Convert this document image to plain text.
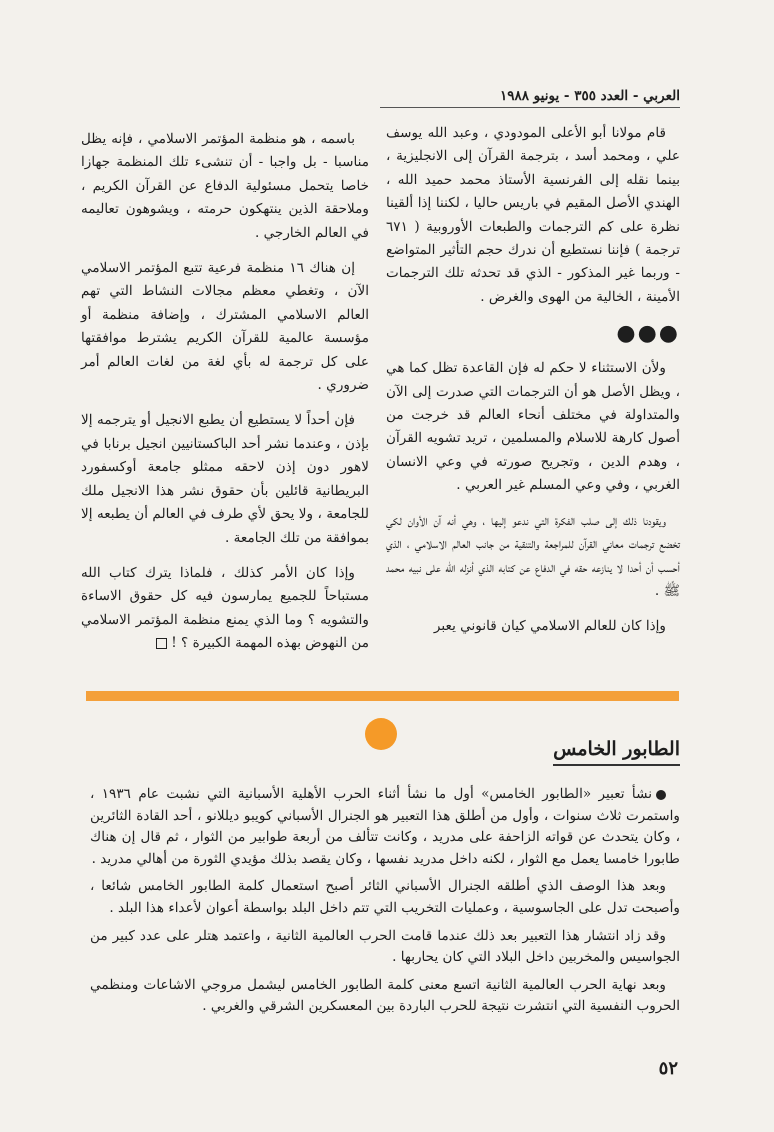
العربي - العدد ٣٥٥ - يونيو ١٩٨٨

قام مولانا أبو الأعلى المودودي ، وعبد الله يوسف علي ، ومحمد أسد ، بترجمة القرآن إلى الانجليزية ، بينما نقله إلى الفرنسية الأستاذ محمد حميد الله ، الهندي الأصل المقيم في باريس حاليا ، لكننا إذا ألقينا نظرة على كم الترجمات والطبعات الأوروبية ( ٦٧١ ترجمة ) فإننا نستطيع أن ندرك حجم التأثير المتواضع - وربما غير المذكور - الذي قد تحدثه تلك الترجمات الأمينة ، الخالية من الهوى والغرض .

●●●

ولأن الاستثناء لا حكم له فإن القاعدة تظل كما هي ، ويظل الأصل هو أن الترجمات التي صدرت إلى الآن والمتداولة في مختلف أنحاء العالم قد خرجت من أصول كارهة للاسلام والمسلمين ، تريد تشويه القرآن ، وهدم الدين ، وتجريح صورته في وعي الانسان الغربي ، وفي وعي المسلم غير العربي .

ويقودنا ذلك إلى صلب الفكرة التي ندعو إليها ، وهي أنه آن الأوان لكي تخضع ترجمات معاني القرآن للمراجعة والتنقية من جانب العالم الاسلامي ، الذي أحسب أن أحدا لا ينازعه حقه في الدفاع عن كتابه الذي أنزله الله على نبيه محمد ﷺ .

وإذا كان للعالم الاسلامي كيان قانوني يعبر

باسمه ، هو منظمة المؤتمر الاسلامي ، فإنه يظل مناسبا - بل واجبا - أن تنشىء تلك المنظمة جهازا خاصا يتحمل مسئولية الدفاع عن القرآن الكريم ، وملاحقة الذين ينتهكون حرمته ، ويشوهون تعاليمه في العالم الخارجي .

إن هناك ١٦ منظمة فرعية تتبع المؤتمر الاسلامي الآن ، وتغطي معظم مجالات النشاط التي تهم العالم الاسلامي المشترك ، وإضافة منظمة أو مؤسسة عالمية للقرآن الكريم يشترط موافقتها على كل ترجمة له بأي لغة من لغات العالم أمر ضروري .

فإن أحداً لا يستطيع أن يطبع الانجيل أو يترجمه إلا بإذن ، وعندما نشر أحد الباكستانيين انجيل برنابا في لاهور دون إذن لاحقه ممثلو جامعة أوكسفورد البريطانية قائلين بأن حقوق نشر هذا الانجيل ملك للجامعة ، ولا يحق لأي طرف في العالم أن يطبعه إلا بموافقة من تلك الجامعة .

وإذا كان الأمر كذلك ، فلماذا يترك كتاب الله مستباحاً للجميع يمارسون فيه كل حقوق الاساءة والتشويه ؟ وما الذي يمنع منظمة المؤتمر الاسلامي من النهوض بهذه المهمة الكبيرة ؟ !

الطابور الخامس

نشأ تعبير «الطابور الخامس» أول ما نشأ أثناء الحرب الأهلية الأسبانية التي نشبت عام ١٩٣٦ ، واستمرت ثلاث سنوات ، وأول من أطلق هذا التعبير هو الجنرال الأسباني كويبو ديللانو ، أحد القادة الثائرين ، وكان يتحدث عن قواته الزاحفة على مدريد ، وكانت تتألف من أربعة طوابير من الثوار ، ثم قال إن هناك طابورا خامسا يعمل مع الثوار ، لكنه داخل مدريد نفسها ، وكان يقصد بذلك مؤيدي الثورة من أهالي مدريد .

وبعد هذا الوصف الذي أطلقه الجنرال الأسباني الثائر أصبح استعمال كلمة الطابور الخامس شائعا ، وأصبحت تدل على الجاسوسية ، وعمليات التخريب التي تتم داخل البلد بواسطة أعوان لأعداء هذا البلد .

وقد زاد انتشار هذا التعبير بعد ذلك عندما قامت الحرب العالمية الثانية ، واعتمد هتلر على عدد كبير من الجواسيس والمخربين داخل البلاد التي كان يحاربها .

وبعد نهاية الحرب العالمية الثانية اتسع معنى كلمة الطابور الخامس ليشمل مروجي الاشاعات ومنظمي الحروب النفسية التي انتشرت نتيجة للحرب الباردة بين المعسكرين الشرقي والغربي .

٥٢
